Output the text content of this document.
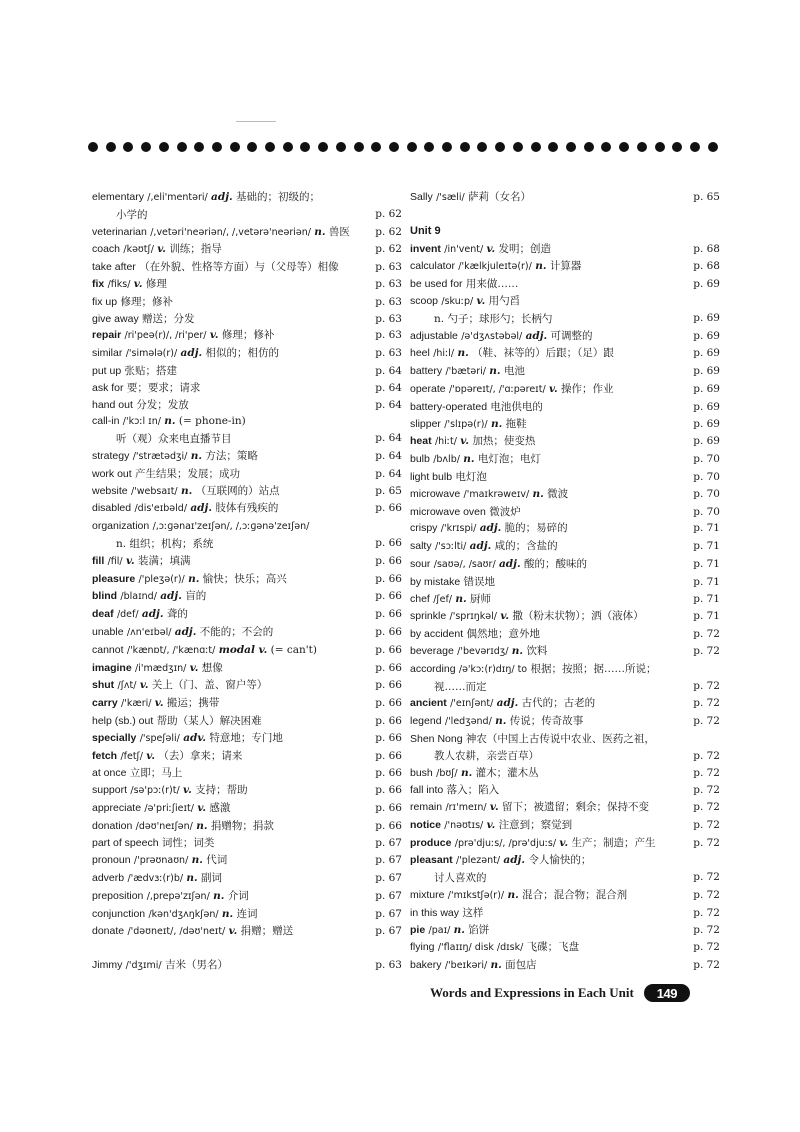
elementary /,eli'mentəri/ adj. 基础的；初级的；
小学的	p. 62
veterinarian /,vetəri'neəriən/, /,vetərə'neəriən/ n. 兽医	p. 62
coach /kəʊtʃ/ v. 训练；指导	p. 62
take after （在外貌、性格等方面）与（父母等）相像	p. 63
fix /fiks/ v. 修理	p. 63
fix up 修理；修补	p. 63
give away 赠送；分发	p. 63
repair /ri'peə(r)/, /ri'per/ v. 修理；修补	p. 63
similar /'simələ(r)/ adj. 相似的；相仿的	p. 63
put up 张贴；搭建	p. 64
ask for 要；要求；请求	p. 64
hand out 分发；发放	p. 64
call-in /'kɔːl ɪn/ n. (= phone-in)
听（观）众来电直播节目	p. 64
strategy /'strætədʒi/ n. 方法；策略	p. 64
work out 产生结果；发展；成功	p. 64
website /'websaɪt/ n. （互联网的）站点	p. 65
disabled /dis'eɪbəld/ adj. 肢体有残疾的	p. 66
organization /,ɔːɡənaɪ'zeɪʃən/, /,ɔːɡənə'zeɪʃən/
n. 组织；机构；系统	p. 66
fill /fil/ v. 装满；填满	p. 66
pleasure /'pleʒə(r)/ n. 愉快；快乐；高兴	p. 66
blind /blaɪnd/ adj. 盲的	p. 66
deaf /def/ adj. 聋的	p. 66
unable /ʌn'eɪbəl/ adj. 不能的；不会的	p. 66
cannot /'kænɒt/, /'kænɑːt/ modal v. (= can't)	p. 66
imagine /i'mædʒɪn/ v. 想像	p. 66
shut /ʃʌt/ v. 关上（门、盖、窗户等）	p. 66
carry /'kæri/ v. 搬运；携带	p. 66
help (sb.) out 帮助（某人）解决困难	p. 66
specially /'speʃəli/ adv. 特意地；专门地	p. 66
fetch /fetʃ/ v. （去）拿来；请来	p. 66
at once 立即；马上	p. 66
support /sə'pɔː(r)t/ v. 支持；帮助	p. 66
appreciate /ə'priːʃieɪt/ v. 感激	p. 66
donation /dəʊ'neɪʃən/ n. 捐赠物；捐款	p. 66
part of speech 词性；词类	p. 67
pronoun /'prəʊnaʊn/ n. 代词	p. 67
adverb /'ædvɜː(r)b/ n. 副词	p. 67
preposition /,prepə'zɪʃən/ n. 介词	p. 67
conjunction /kən'dʒʌŋkʃən/ n. 连词	p. 67
donate /'dəʊneɪt/, /dəʊ'neɪt/ v. 捐赠；赠送	p. 67
Jimmy /'dʒɪmi/ 吉米（男名）	p. 63
Sally /'sæli/ 萨莉（女名）	p. 65
Unit 9
invent /in'vent/ v. 发明；创造	p. 68
calculator /'kælkjuleɪtə(r)/ n. 计算器	p. 68
be used for 用来做……	p. 69
scoop /skuːp/ v. 用勺舀
n. 勺子；球形勺；长柄勺	p. 69
adjustable /ə'dʒʌstəbəl/ adj. 可调整的	p. 69
heel /hiːl/ n. （鞋、袜等的）后跟；（足）跟	p. 69
battery /'bætəri/ n. 电池	p. 69
operate /'ɒpəreɪt/, /'ɑːpəreɪt/ v. 操作；作业	p. 69
battery-operated 电池供电的	p. 69
slipper /'slɪpə(r)/ n. 拖鞋	p. 69
heat /hiːt/ v. 加热；使变热	p. 69
bulb /bʌlb/ n. 电灯泡；电灯	p. 70
light bulb 电灯泡	p. 70
microwave /'maɪkrəweɪv/ n. 微波	p. 70
microwave oven 微波炉	p. 70
crispy /'krɪspi/ adj. 脆的；易碎的	p. 71
salty /'sɔːlti/ adj. 咸的；含盐的	p. 71
sour /saʊə/, /saʊr/ adj. 酸的；酸味的	p. 71
by mistake 错误地	p. 71
chef /ʃef/ n. 厨师	p. 71
sprinkle /'sprɪŋkəl/ v. 撒（粉末状物）；洒（液体）	p. 71
by accident 偶然地；意外地	p. 72
beverage /'bevərɪdʒ/ n. 饮料	p. 72
according /ə'kɔː(r)dɪŋ/ to 根据；按照；据……所说；
视……而定	p. 72
ancient /'eɪnʃənt/ adj. 古代的；古老的	p. 72
legend /'ledʒənd/ n. 传说；传奇故事	p. 72
Shen Nong 神农（中国上古传说中农业、医药之祖，
教人农耕，亲尝百草）	p. 72
bush /bʊʃ/ n. 灌木；灌木丛	p. 72
fall into 落入；陷入	p. 72
remain /rɪ'meɪn/ v. 留下；被遗留；剩余；保持不变	p. 72
notice /'nəʊtɪs/ v. 注意到；察觉到	p. 72
produce /prə'djuːs/, /prə'djuːs/ v. 生产；制造；产生	p. 72
pleasant /'plezənt/ adj. 令人愉快的；
讨人喜欢的	p. 72
mixture /'mɪkstʃə(r)/ n. 混合；混合物；混合剂	p. 72
in this way 这样	p. 72
pie /paɪ/ n. 馅饼	p. 72
flying /'flaɪɪŋ/ disk /dɪsk/ 飞碟；飞盘	p. 72
bakery /'beɪkəri/ n. 面包店	p. 72
Words and Expressions in Each Unit	149
